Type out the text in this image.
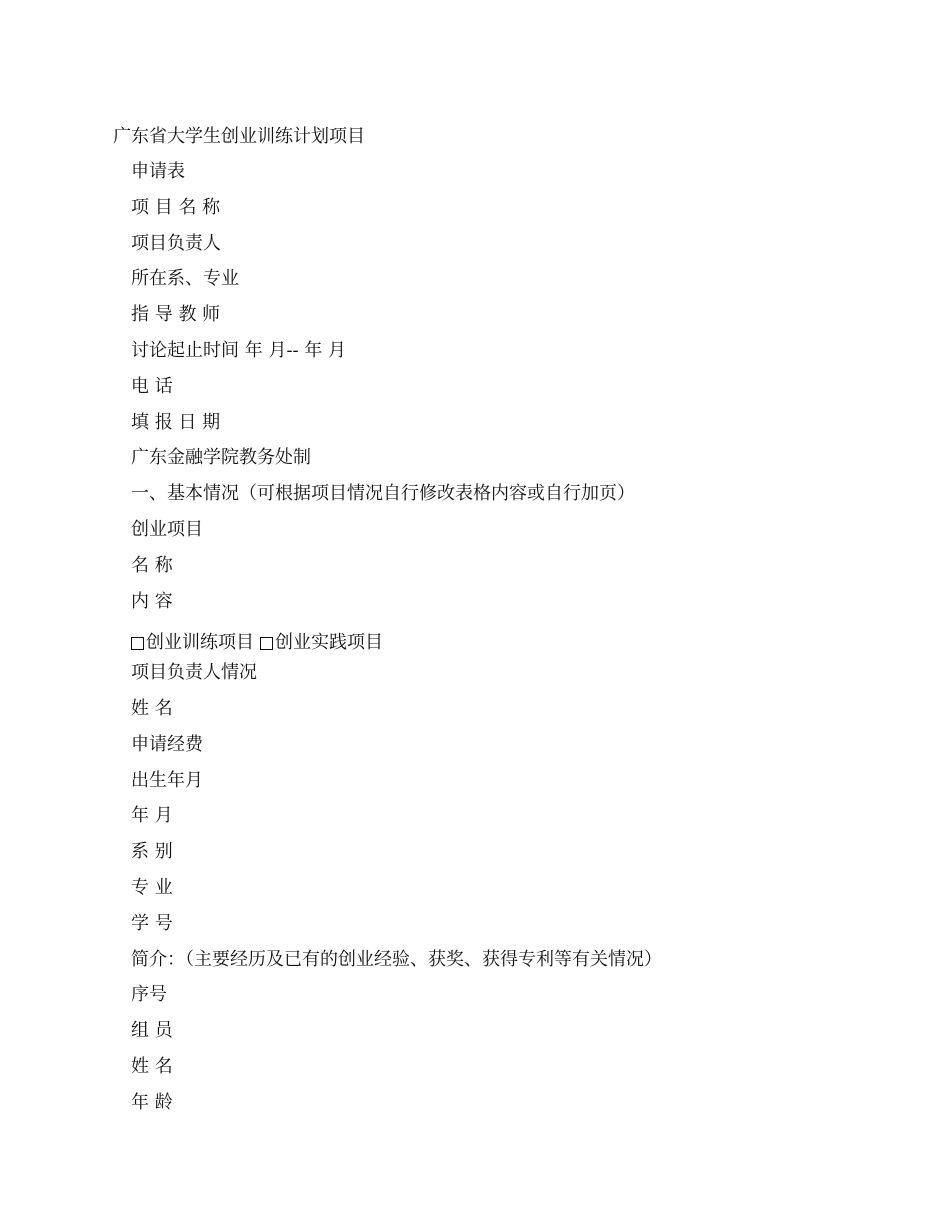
广东省大学生创业训练计划项目
申请表
项 目 名 称
项目负责人
所在系、专业
指 导 教 师
讨论起止时间 年 月-- 年 月
电 话
填 报 日 期
广东金融学院教务处制
一、基本情况（可根据项目情况自行修改表格内容或自行加页）
创业项目
名 称
内 容
创业训练项目 创业实践项目
项目负责人情况
姓 名
申请经费
出生年月
年 月
系 别
专 业
学 号
简介：（主要经历及已有的创业经验、获奖、获得专利等有关情况）
序号
组 员
姓 名
年 龄
